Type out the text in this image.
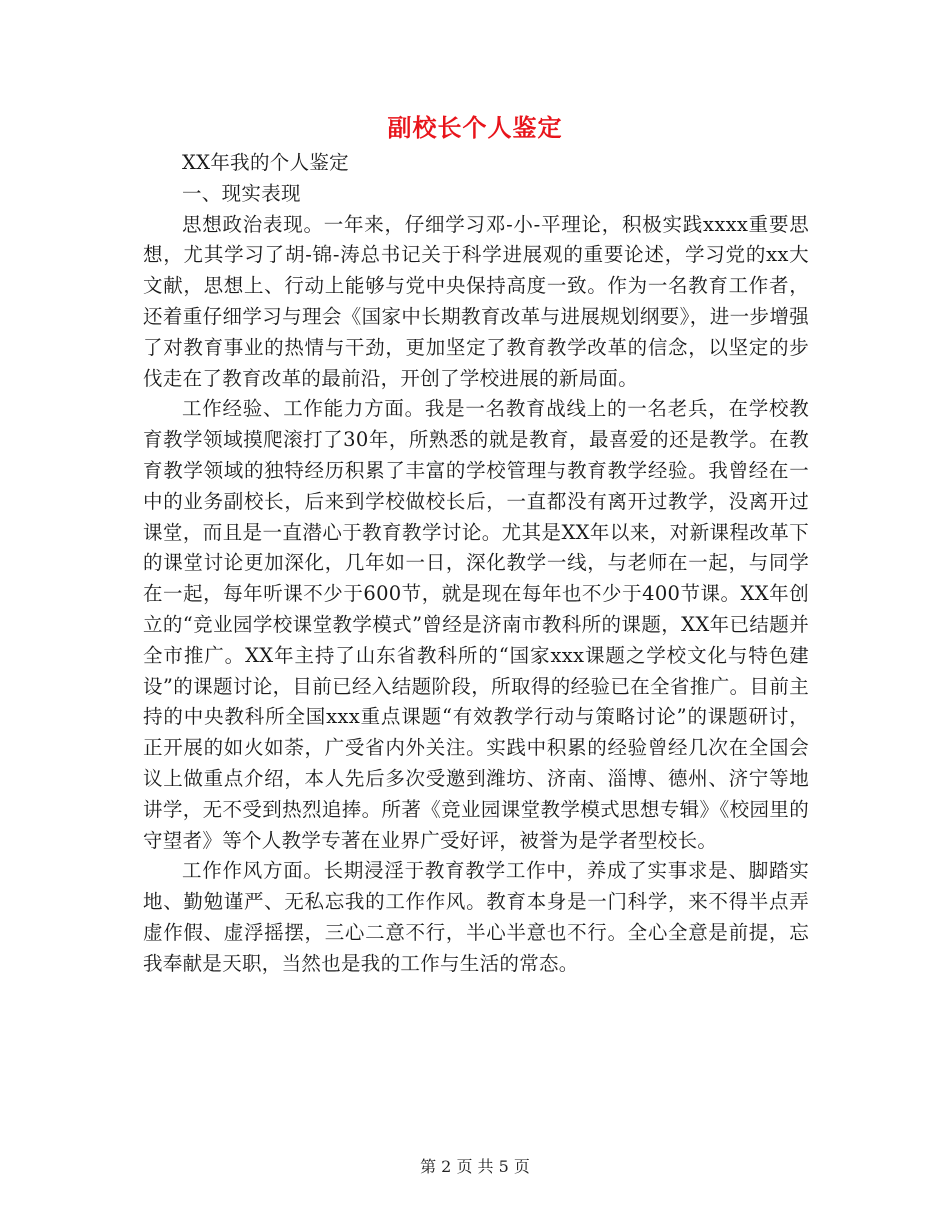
副校长个人鉴定

XX年我的个人鉴定

一、现实表现

思想政治表现。一年来，仔细学习邓-小-平理论，积极实践xxxx重要思想，尤其学习了胡-锦-涛总书记关于科学进展观的重要论述，学习党的xx大文献，思想上、行动上能够与党中央保持高度一致。作为一名教育工作者，还着重仔细学习与理会《国家中长期教育改革与进展规划纲要》，进一步增强了对教育事业的热情与干劲，更加坚定了教育教学改革的信念，以坚定的步伐走在了教育改革的最前沿，开创了学校进展的新局面。

工作经验、工作能力方面。我是一名教育战线上的一名老兵，在学校教育教学领域摸爬滚打了30年，所熟悉的就是教育，最喜爱的还是教学。在教育教学领域的独特经历积累了丰富的学校管理与教育教学经验。我曾经在一中的业务副校长，后来到学校做校长后，一直都没有离开过教学，没离开过课堂，而且是一直潜心于教育教学讨论。尤其是XX年以来，对新课程改革下的课堂讨论更加深化，几年如一日，深化教学一线，与老师在一起，与同学在一起，每年听课不少于600节，就是现在每年也不少于400节课。XX年创立的“竞业园学校课堂教学模式”曾经是济南市教科所的课题，XX年已结题并全市推广。XX年主持了山东省教科所的“国家xxx课题之学校文化与特色建设”的课题讨论，目前已经入结题阶段，所取得的经验已在全省推广。目前主持的中央教科所全国xxx重点课题“有效教学行动与策略讨论”的课题研讨，正开展的如火如荼，广受省内外关注。实践中积累的经验曾经几次在全国会议上做重点介绍，本人先后多次受邀到潍坊、济南、淄博、德州、济宁等地讲学，无不受到热烈追捧。所著《竞业园课堂教学模式思想专辑》《校园里的守望者》等个人教学专著在业界广受好评，被誉为是学者型校长。

工作作风方面。长期浸淫于教育教学工作中，养成了实事求是、脚踏实地、勤勉谨严、无私忘我的工作作风。教育本身是一门科学，来不得半点弄虚作假、虚浮摇摆，三心二意不行，半心半意也不行。全心全意是前提，忘我奉献是天职，当然也是我的工作与生活的常态。

第 2 页 共 5 页
